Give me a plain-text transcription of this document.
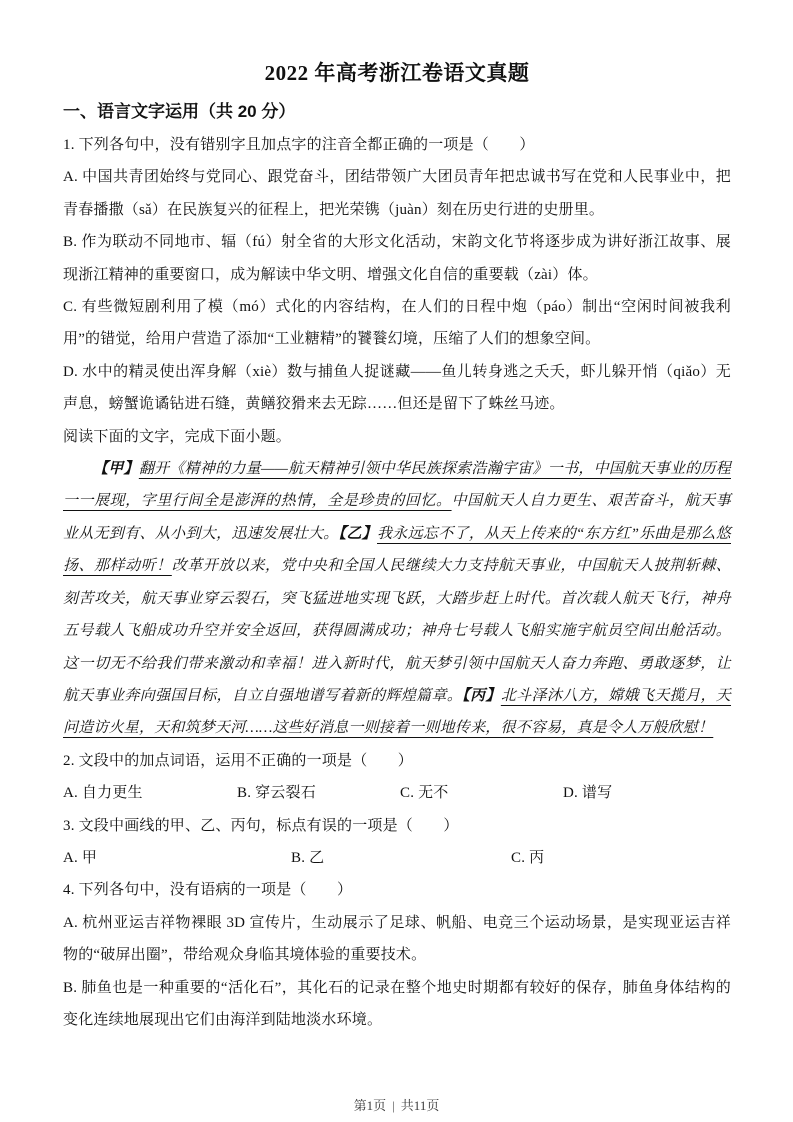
2022 年高考浙江卷语文真题
一、语言文字运用（共 20 分）

1. 下列各句中，没有错别字且加点字的注音全都正确的一项是（　　）

A. 中国共青团始终与党同心、跟党奋斗，团结带领广大团员青年把忠诚书写在党和人民事业中，把青春播撒（sǎ）在民族复兴的征程上，把光荣镌（juàn）刻在历史行进的史册里。

B. 作为联动不同地市、辐（fú）射全省的大形文化活动，宋韵文化节将逐步成为讲好浙江故事、展现浙江精神的重要窗口，成为解读中华文明、增强文化自信的重要载（zài）体。

C. 有些微短剧利用了模（mó）式化的内容结构，在人们的日程中炮（páo）制出“空闲时间被我利用”的错觉，给用户营造了添加“工业糖精”的饕餮幻境，压缩了人们的想象空间。

D. 水中的精灵使出浑身解（xiè）数与捕鱼人捉谜藏——鱼儿转身逃之夭夭，虾儿躲开悄（qiǎo）无声息，螃蟹诡谲钻进石缝，黄鳝狡猾来去无踪……但还是留下了蛛丝马迹。

阅读下面的文字，完成下面小题。

【甲】翻开《精神的力量——航天精神引领中华民族探索浩瀚宇宙》一书，中国航天事业的历程一一展现，字里行间全是澎湃的热情，全是珍贵的回忆。中国航天人自力更生、艰苦奋斗，航天事业从无到有、从小到大，迅速发展壮大。【乙】我永远忘不了，从天上传来的“东方红”乐曲是那么悠扬、那样动听！改革开放以来，党中央和全国人民继续大力支持航天事业，中国航天人披荆斩棘、刻苦攻关，航天事业穿云裂石，突飞猛进地实现飞跃，大踏步赶上时代。首次载人航天飞行，神舟五号载人飞船成功升空并安全返回，获得圆满成功；神舟七号载人飞船实施宇航员空间出舱活动。这一切无不给我们带来激动和幸福！进入新时代，航天梦引领中国航天人奋力奔跑、勇敢逐梦，让航天事业奔向强国目标，自立自强地谱写着新的辉煌篇章。【丙】北斗泽沐八方，嫦娥飞天揽月，天问造访火星，天和筑梦天河……这些好消息一则接着一则地传来，很不容易，真是令人万般欣慰！

2. 文段中的加点词语，运用不正确的一项是（　　）

A. 自力更生	B. 穿云裂石	C. 无不	D. 谱写

3. 文段中画线的甲、乙、丙句，标点有误的一项是（　　）

A. 甲	B. 乙	C. 丙

4. 下列各句中，没有语病的一项是（　　）

A. 杭州亚运吉祥物裸眼 3D 宣传片，生动展示了足球、帆船、电竞三个运动场景，是实现亚运吉祥物的“破屏出圈”，带给观众身临其境体验的重要技术。

B. 肺鱼也是一种重要的“活化石”，其化石的记录在整个地史时期都有较好的保存，肺鱼身体结构的变化连续地展现出它们由海洋到陆地淡水环境。

第1页 | 共11页
